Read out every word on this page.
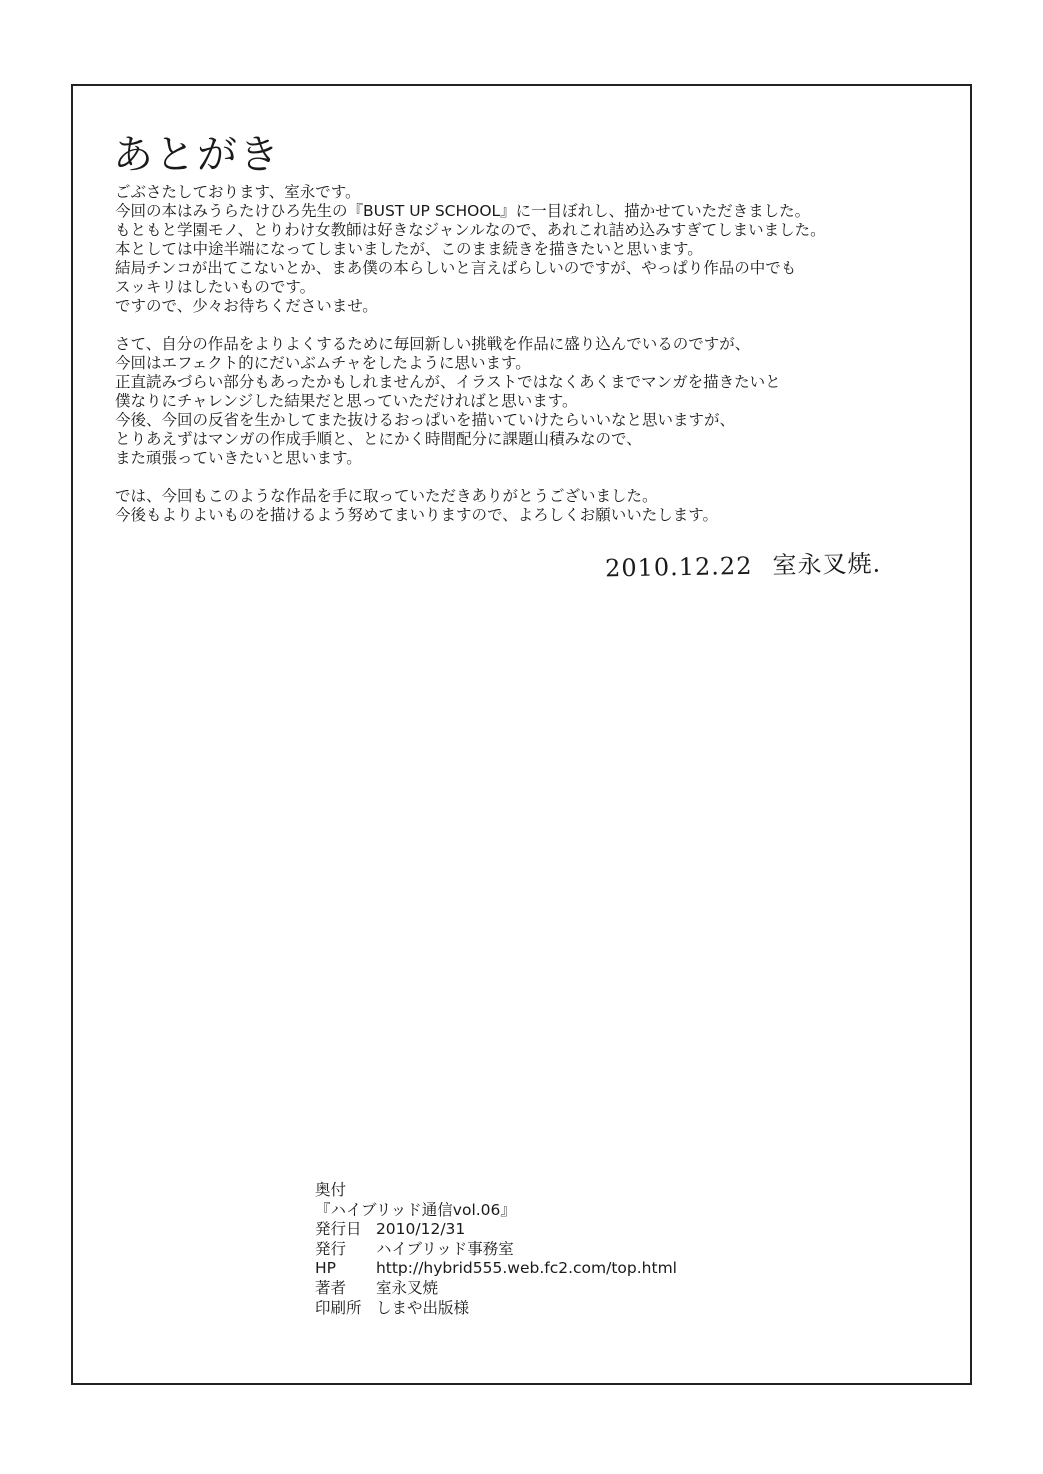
あとがき
ごぶさたしております、室永です。
今回の本はみうらたけひろ先生の『BUST UP SCHOOL』に一目ぼれし、描かせていただきました。
もともと学園モノ、とりわけ女教師は好きなジャンルなので、あれこれ詰め込みすぎてしまいました。
本としては中途半端になってしまいましたが、このまま続きを描きたいと思います。
結局チンコが出てこないとか、まあ僕の本らしいと言えばらしいのですが、やっぱり作品の中でも
スッキリはしたいものです。
ですので、少々お待ちくださいませ。
さて、自分の作品をよりよくするために毎回新しい挑戦を作品に盛り込んでいるのですが、
今回はエフェクト的にだいぶムチャをしたように思います。
正直読みづらい部分もあったかもしれませんが、イラストではなくあくまでマンガを描きたいと
僕なりにチャレンジした結果だと思っていただければと思います。
今後、今回の反省を生かしてまた抜けるおっぱいを描いていけたらいいなと思いますが、
とりあえずはマンガの作成手順と、とにかく時間配分に課題山積みなので、
また頑張っていきたいと思います。
では、今回もこのような作品を手に取っていただきありがとうございました。
今後もよりよいものを描けるよう努めてまいりますので、よろしくお願いいたします。
2010.12.22 室永叉焼.
奥付
『ハイブリッド通信vol.06』
発行日 2010/12/31
発行 ハイブリッド事務室
HP	http://hybrid555.web.fc2.com/top.html
著者 室永叉焼
印刷所 しまや出版様
